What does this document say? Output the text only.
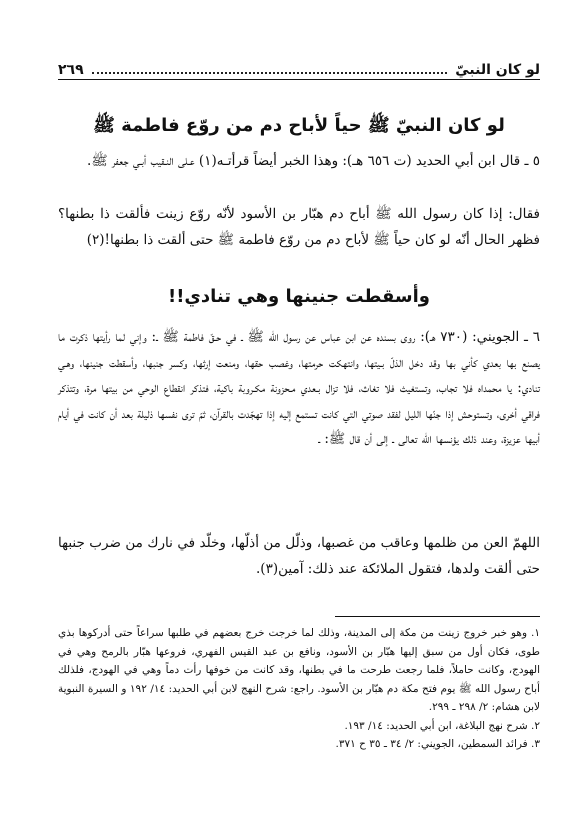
لو كان النبيّ
٢٦٩
لو كان النبيّ ﷺ حياً لأباح دم من روّع فاطمة ﷺ

٥ ـ قال ابن أبي الحديد (ت ٦٥٦ هـ): وهذا الخبر أيضاً قرأتـه(١) عـلى النـقيب أبـي جعفر ﷺ.

فقال: إذا كان رسول الله ﷺ أباح دم هبّار بن الأسود لأنّه روّع زينت فألقت ذا بطنها؟ فظهر الحال أنّه لو كان حياً ﷺ لأباح دم من روّع فاطمة ﷺ حتى ألقت ذا بطنها!(٢)

وأسقطت جنينها وهي تنادي!!

٦ ـ الجويني: (٧٣٠ هـ): روى بسنده عن ابن عباس عن رسول الله ﷺ ـ في حـقّ فاطمة ﷺ ـ: وإني لما رأيتها ذكرت ما يصنع بها بعدي كأني بها وقد دخل الذلّ بـيتها، وانتهكت حرمتها، وغصب حقها، ومنعت إرثها، وكسر جنبها، وأسقطت جنينها، وهـي تنادي: يا محمداه فلا تجاب، وتستغيث فلا تغاث، فلا تزال بـعدي مـحزونة مكـروبة باكية، فتذكر انقطاع الوحي من بيتها مرة، وتتذكر فراقي أخرى، وتستوحش إذا جنّها الليل لفقد صوتي التي كانت تستمع إليه إذا تهجّدت بالقرآن، ثمّ ترى نفسها ذليلة بعد أن كانت في أيام أبيها عزيزة، وعند ذلك يؤنسها الله تعالى ـ إلى أن قال ﷺ: ـ

اللهمّ العن من ظلمها وعاقب من غصبها، وذلّل من أذلّها، وخلّد في نارك من ضرب جنبها حتى ألقت ولدها، فتقول الملائكة عند ذلك: آمين(٣).

١. وهو خبر خروج زينت من مكة إلى المدينة، وذلك لما خرجت خرج بعضهم في طلبها سراعاً حتى أدركوها بذي طوى، فكان أول من سبق إليها هبّار بن الأسود، ونافع بن عبد القيس الفهري، فروعها هبّار بالرمح وهي في الهودج، وكانت حاملاً، فلما رجعت طرحت ما في بطنها، وقد كانت من خوفها رأت دماً وهي في الهودج، فلذلك أباح رسول الله ﷺ يوم فتح مكة دم هبّار بن الأسود. راجع: شرح النهج لابن أبي الحديد: ١٤/ ١٩٢ و السيرة النبوية لابن هشام: ٢/ ٢٩٨ ـ ٢٩٩.

٢. شرح نهج البلاغة، ابن أبي الحديد: ١٤/ ١٩٣.

٣. فرائد السمطين، الجويني: ٢/ ٣٤ ـ ٣٥ ح ٣٧١.
